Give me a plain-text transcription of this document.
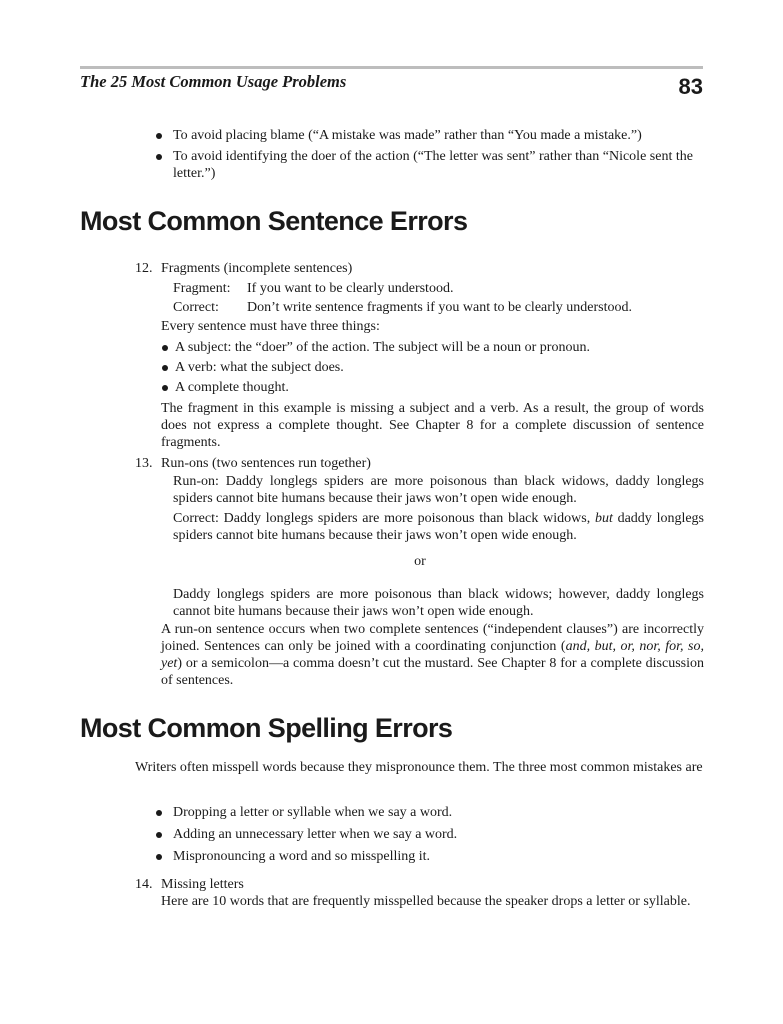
The 25 Most Common Usage Problems	83

To avoid placing blame (“A mistake was made” rather than “You made a mistake.”)

To avoid identifying the doer of the action (“The letter was sent” rather than “Nicole sent the letter.”)

Most Common Sentence Errors
12. Fragments (incomplete sentences)

Fragment: If you want to be clearly understood.

Correct: Don’t write sentence fragments if you want to be clearly understood.

Every sentence must have three things:

A subject: the “doer” of the action. The subject will be a noun or pronoun.

A verb: what the subject does.

A complete thought.

The fragment in this example is missing a subject and a verb. As a result, the group of words does not express a complete thought. See Chapter 8 for a complete discussion of sentence fragments.

13. Run-ons (two sentences run together)

Run-on: Daddy longlegs spiders are more poisonous than black widows, daddy longlegs spiders cannot bite humans because their jaws won’t open wide enough.

Correct: Daddy longlegs spiders are more poisonous than black widows, but daddy longlegs spiders cannot bite humans because their jaws won’t open wide enough.

or

Daddy longlegs spiders are more poisonous than black widows; however, daddy longlegs cannot bite humans because their jaws won’t open wide enough.

A run-on sentence occurs when two complete sentences (“independent clauses”) are incorrectly joined. Sentences can only be joined with a coordinating conjunction (and, but, or, nor, for, so, yet) or a semicolon—a comma doesn’t cut the mustard. See Chapter 8 for a complete discussion of sentences.

Most Common Spelling Errors

Writers often misspell words because they mispronounce them. The three most common mistakes are

Dropping a letter or syllable when we say a word.

Adding an unnecessary letter when we say a word.

Mispronouncing a word and so misspelling it.

14. Missing letters

Here are 10 words that are frequently misspelled because the speaker drops a letter or syllable.
